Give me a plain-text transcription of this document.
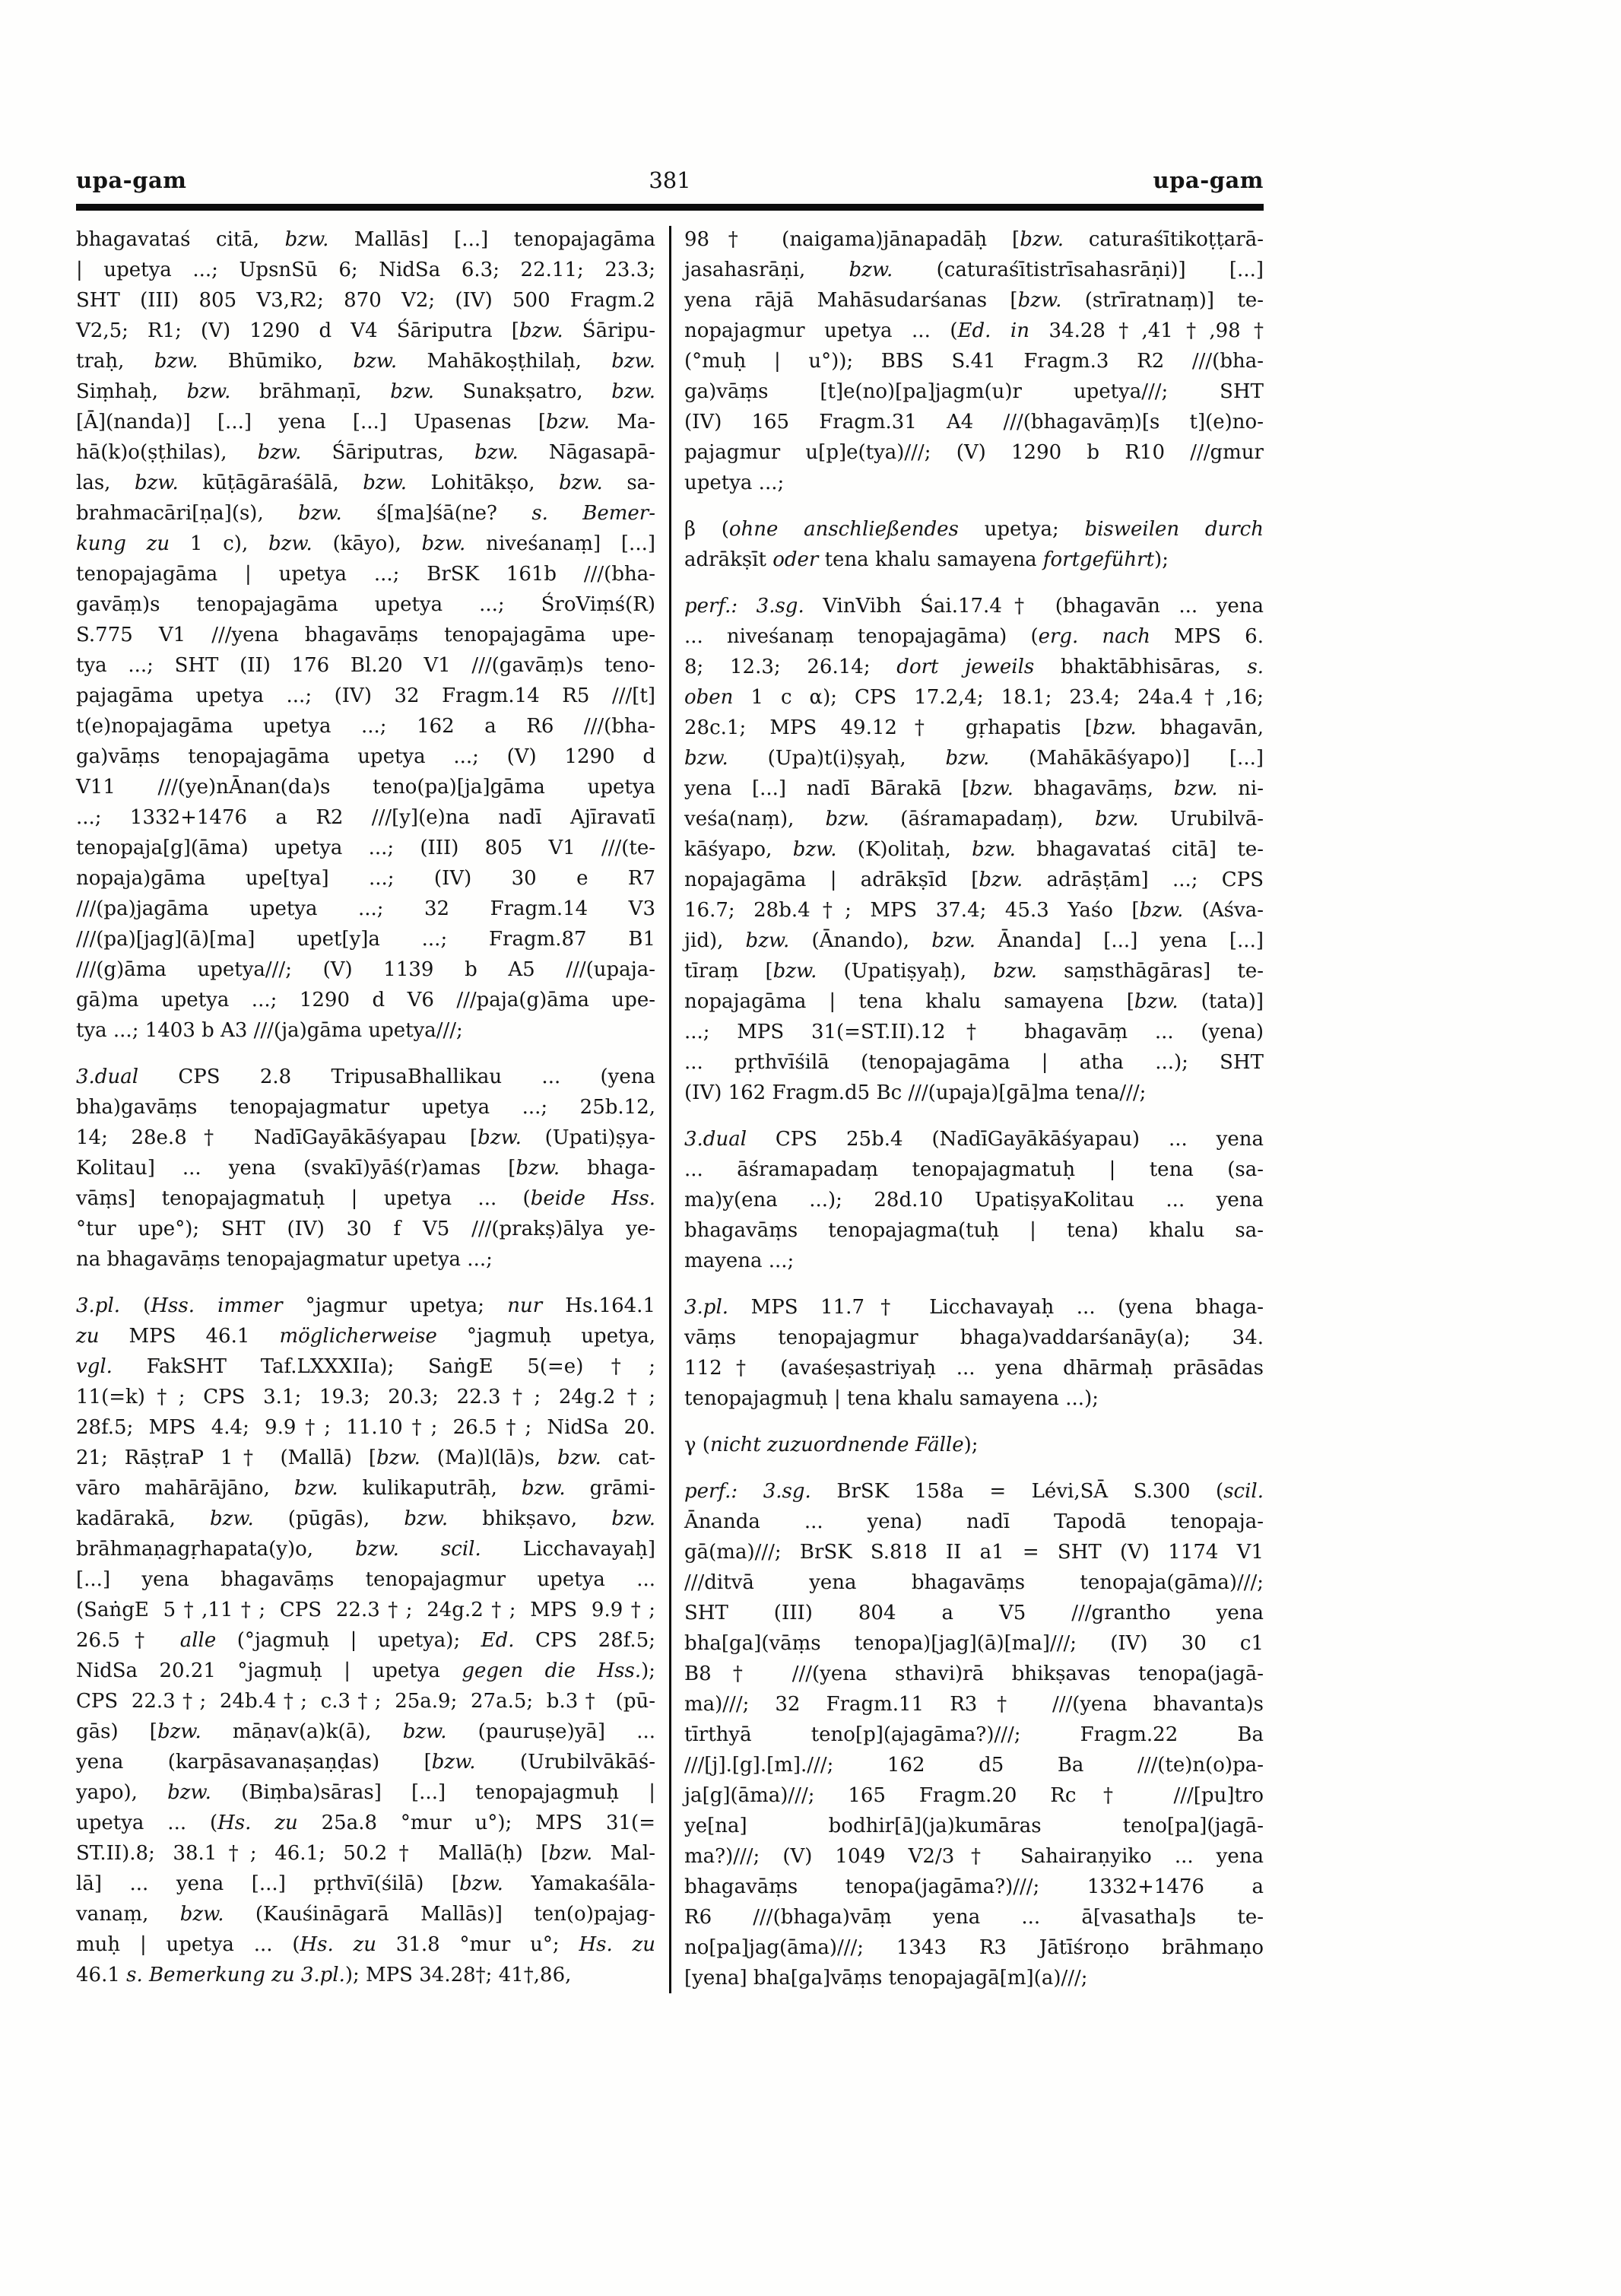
upa-gam	381	upa-gam
bhagavataś citā, bzw. Mallās] [...] tenopajagāma
| upetya ...; UpsnSū 6; NidSa 6.3; 22.11; 23.3;
SHT (III) 805 V3,R2; 870 V2; (IV) 500 Fragm.2
V2,5; R1; (V) 1290 d V4 Śāriputra [bzw. Śāripu-
traḥ, bzw. Bhūmiko, bzw. Mahākoṣṭhilaḥ, bzw.
Siṃhaḥ, bzw. brāhmaṇī, bzw. Sunakṣatro, bzw.
[Ā](nanda)] [...] yena [...] Upasenas [bzw. Ma-
hā(k)o(ṣṭhilas), bzw. Śāriputras, bzw. Nāgasapā-
las, bzw. kūṭāgāraśālā, bzw. Lohitākṣo, bzw. sa-
brahmacāri[ṇa](s), bzw. ś[ma]śā(ne? s. Bemer-
kung zu 1 c), bzw. (kāyo), bzw. niveśanaṃ] [...]
tenopajagāma | upetya ...; BrSK 161b ///(bha-
gavāṃ)s tenopajagāma upetya ...; ŚroViṃś(R)
S.775 V1 ///yena bhagavāṃs tenopajagāma upe-
tya ...; SHT (II) 176 Bl.20 V1 ///(gavāṃ)s teno-
pajagāma upetya ...; (IV) 32 Fragm.14 R5 ///[t]
t(e)nopajagāma upetya ...; 162 a R6 ///(bha-
ga)vāṃs tenopajagāma upetya ...; (V) 1290 d
V11 ///(ye)nĀnan(da)s teno(pa)[ja]gāma upetya
...; 1332+1476 a R2 ///[y](e)na nadī Ajīravatī
tenopaja[g](āma) upetya ...; (III) 805 V1 ///(te-
nopaja)gāma upe[tya] ...; (IV) 30 e R7
///(pa)jagāma upetya ...; 32 Fragm.14 V3
///(pa)[jag](ā)[ma] upet[y]a ...; Fragm.87 B1
///(g)āma upetya///; (V) 1139 b A5 ///(upaja-
gā)ma upetya ...; 1290 d V6 ///paja(g)āma upe-
tya ...; 1403 b A3 ///(ja)gāma upetya///;
3.dual CPS 2.8 TripusaBhallikau ... (yena
bha)gavāṃs tenopajagmatur upetya ...; 25b.12,
14; 28e.8† NadīGayākāśyapau [bzw. (Upati)ṣya-
Kolitau] ... yena (svakī)yāś(r)amas [bzw. bhaga-
vāṃs] tenopajagmatuḥ | upetya ... (beide Hss.
°tur upe°); SHT (IV) 30 f V5 ///(prakṣ)ālya ye-
na bhagavāṃs tenopajagmatur upetya ...;
3.pl. (Hss. immer °jagmur upetya; nur Hs.164.1
zu MPS 46.1 möglicherweise °jagmuḥ upetya,
vgl. FakSHT Taf.LXXXIIa); SaṅgE 5(=e)†;
11(=k)†; CPS 3.1; 19.3; 20.3; 22.3†; 24g.2†;
28f.5; MPS 4.4; 9.9†; 11.10†; 26.5†; NidSa 20.
21; RāṣṭraP 1† (Mallā) [bzw. (Ma)l(lā)s, bzw. cat-
vāro mahārājāno, bzw. kulikaputrāḥ, bzw. grāmi-
kadārakā, bzw. (pūgās), bzw. bhikṣavo, bzw.
brāhmaṇagṛhapata(y)o, bzw. scil. Licchavayaḥ]
[...] yena bhagavāṃs tenopajagmur upetya ...
(SaṅgE 5†,11†; CPS 22.3†; 24g.2†; MPS 9.9†;
26.5† alle (°jagmuḥ | upetya); Ed. CPS 28f.5;
NidSa 20.21 °jagmuḥ | upetya gegen die Hss.);
CPS 22.3†; 24b.4†; c.3†; 25a.9; 27a.5; b.3† (pū-
gās) [bzw. māṇav(a)k(ā), bzw. (pauruṣe)yā] ...
yena (karpāsavanaṣaṇḍas) [bzw. (Urubilvākāś-
yapo), bzw. (Biṃba)sāras] [...] tenopajagmuḥ |
upetya ... (Hs. zu 25a.8 °mur u°); MPS 31(=
ST.II).8; 38.1†; 46.1; 50.2† Mallā(ḥ) [bzw. Mal-
lā] ... yena [...] pṛthvī(śilā) [bzw. Yamakaśāla-
vanaṃ, bzw. (Kauśināgarā Mallās)] ten(o)pajag-
muḥ | upetya ... (Hs. zu 31.8 °mur u°; Hs. zu
46.1 s. Bemerkung zu 3.pl.); MPS 34.28†; 41†,86,
98† (naigama)jānapadāḥ [bzw. caturaśītikoṭṭarā-
jasahasrāṇi, bzw. (caturaśītistrīsahasrāṇi)] [...]
yena rājā Mahāsudarśanas [bzw. (strīratnaṃ)] te-
nopajagmur upetya ... (Ed. in 34.28†,41†,98†
(°muḥ | u°)); BBS S.41 Fragm.3 R2 ///(bha-
ga)vāṃs [t]e(no)[pa]jagm(u)r upetya///; SHT
(IV) 165 Fragm.31 A4 ///(bhagavāṃ)[s t](e)no-
pajagmur u[p]e(tya)///; (V) 1290 b R10 ///gmur
upetya ...;
β (ohne anschließendes upetya; bisweilen durch
adrākṣīt oder tena khalu samayena fortgeführt);
perf.: 3.sg. VinVibh Śai.17.4† (bhagavān ... yena
... niveśanaṃ tenopajagāma) (erg. nach MPS 6.
8; 12.3; 26.14; dort jeweils bhaktābhisāras, s.
oben 1 c α); CPS 17.2,4; 18.1; 23.4; 24a.4†,16;
28c.1; MPS 49.12† gṛhapatis [bzw. bhagavān,
bzw. (Upa)t(i)ṣyaḥ, bzw. (Mahākāśyapo)] [...]
yena [...] nadī Bārakā [bzw. bhagavāṃs, bzw. ni-
veśa(naṃ), bzw. (āśramapadaṃ), bzw. Urubilvā-
kāśyapo, bzw. (K)olitaḥ, bzw. bhagavataś citā] te-
nopajagāma | adrākṣīd [bzw. adrāṣṭām] ...; CPS
16.7; 28b.4†; MPS 37.4; 45.3 Yaśo [bzw. (Aśva-
jid), bzw. (Ānando), bzw. Ānanda] [...] yena [...]
tīraṃ [bzw. (Upatiṣyaḥ), bzw. saṃsthāgāras] te-
nopajagāma | tena khalu samayena [bzw. (tata)]
...; MPS 31(=ST.II).12† bhagavāṃ ... (yena)
... pṛthvīśilā (tenopajagāma | atha ...); SHT
(IV) 162 Fragm.d5 Bc ///(upaja)[gā]ma tena///;
3.dual CPS 25b.4 (NadīGayākāśyapau) ... yena
... āśramapadaṃ tenopajagmatuḥ | tena (sa-
ma)y(ena ...); 28d.10 UpatiṣyaKolitau ... yena
bhagavāṃs tenopajagma(tuḥ | tena) khalu sa-
mayena ...;
3.pl. MPS 11.7† Licchavayaḥ ... (yena bhaga-
vāṃs tenopajagmur bhaga)vaddarśanāy(a); 34.
112† (avaśeṣastriyaḥ ... yena dhārmaḥ prāsādas
tenopajagmuḥ | tena khalu samayena ...);
γ (nicht zuzuordnende Fälle);
perf.: 3.sg. BrSK 158a = Lévi,SĀ S.300 (scil.
Ānanda ... yena) nadī Tapodā tenopaja-
gā(ma)///; BrSK S.818 II a1 = SHT (V) 1174 V1
///ditvā yena bhagavāṃs tenopaja(gāma)///;
SHT (III) 804 a V5 ///grantho yena
bha[ga](vāṃs tenopa)[jag](ā)[ma]///; (IV) 30 c1
B8† ///(yena sthavi)rā bhikṣavas tenopa(jagā-
ma)///; 32 Fragm.11 R3† ///(yena bhavanta)s
tīrthyā teno[p](ajagāma?)///; Fragm.22 Ba
///[j].[g].[m].///; 162 d5 Ba ///(te)n(o)pa-
ja[g](āma)///; 165 Fragm.20 Rc† ///[pu]tro
ye[na] bodhir[ā](ja)kumāras teno[pa](jagā-
ma?)///; (V) 1049 V2/3† Sahairaṇyiko ... yena
bhagavāṃs tenopa(jagāma?)///; 1332+1476 a
R6 ///(bhaga)vāṃ yena ... ā[vasatha]s te-
no[pa]jag(āma)///; 1343 R3 Jātīśroṇo brāhmaṇo
[yena] bha[ga]vāṃs tenopajagā[m](a)///;
